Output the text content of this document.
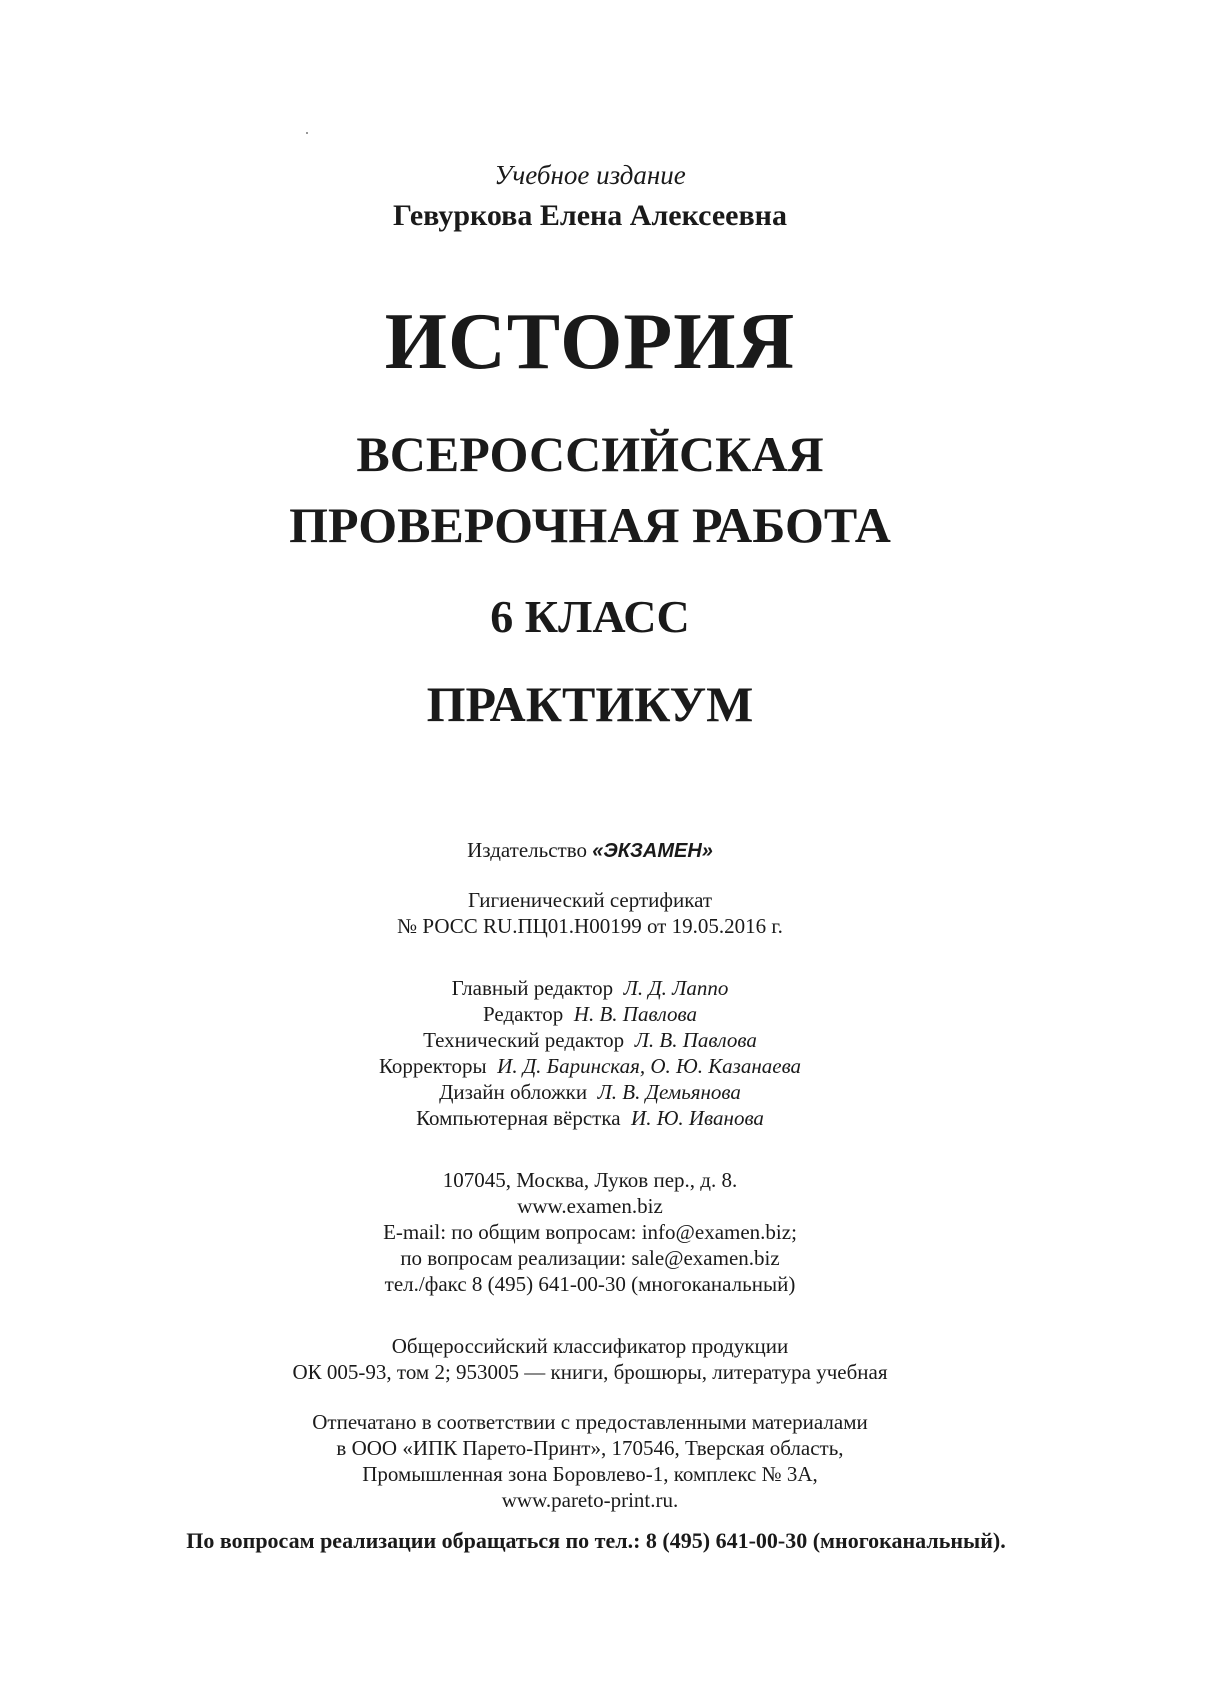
Учебное издание
Гевуркова Елена Алексеевна
ИСТОРИЯ
ВСЕРОССИЙСКАЯ
ПРОВЕРОЧНАЯ РАБОТА
6 КЛАСС
ПРАКТИКУМ
Издательство «ЭКЗАМЕН»
Гигиенический сертификат
№ РОСС RU.ПЦ01.Н00199 от 19.05.2016 г.
Главный редактор Л. Д. Лаппо
Редактор Н. В. Павлова
Технический редактор Л. В. Павлова
Корректоры И. Д. Баринская, О. Ю. Казанаева
Дизайн обложки Л. В. Демьянова
Компьютерная вёрстка И. Ю. Иванова
107045, Москва, Луков пер., д. 8.
www.examen.biz
E-mail: по общим вопросам: info@examen.biz;
по вопросам реализации: sale@examen.biz
тел./факс 8 (495) 641-00-30 (многоканальный)
Общероссийский классификатор продукции
ОК 005-93, том 2; 953005 — книги, брошюры, литература учебная
Отпечатано в соответствии с предоставленными материалами
в ООО «ИПК Парето-Принт», 170546, Тверская область,
Промышленная зона Боровлево-1, комплекс № 3А,
www.pareto-print.ru.
По вопросам реализации обращаться по тел.: 8 (495) 641-00-30 (многоканальный).
